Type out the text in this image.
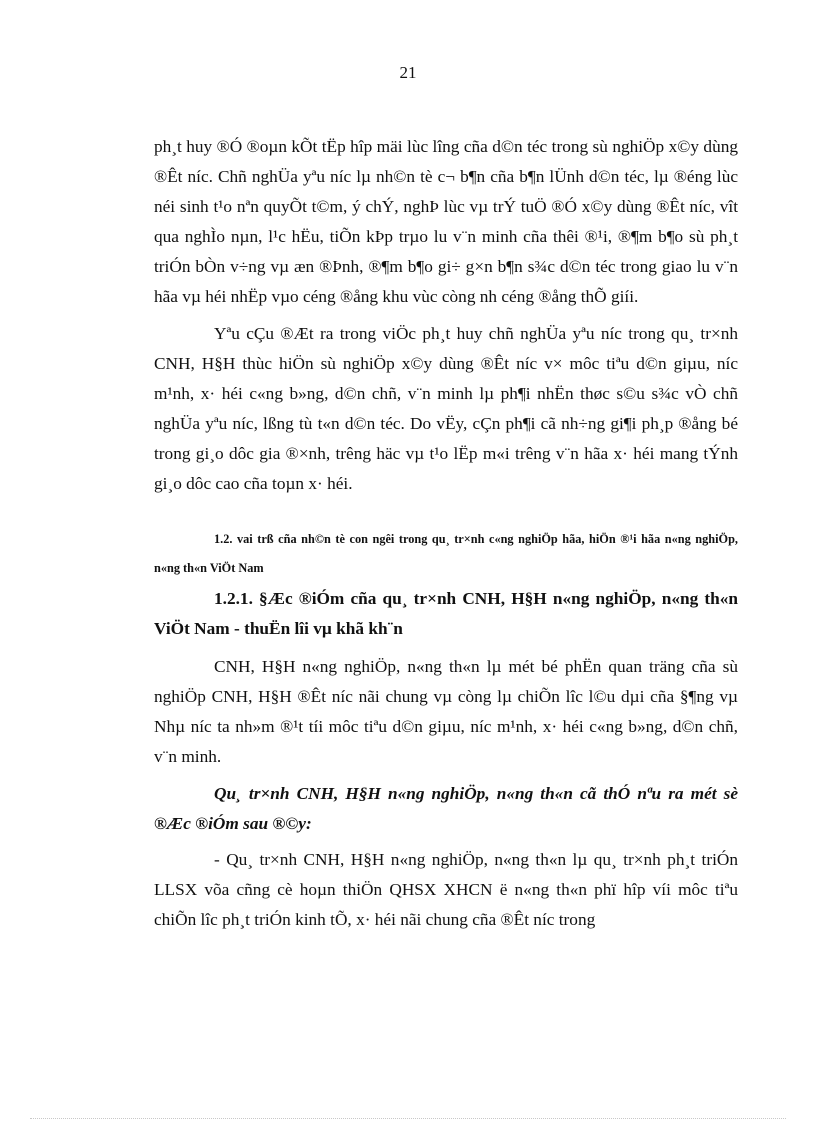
21

ph¸t huy ®Ó ®oµn kÕt tËp hîp mäi lùc lîng cña d©n téc trong sù nghiÖp x©y dùng ®Êt níc. Chñ nghÜa yªu níc lµ nh©n tè c¬ b¶n cña b¶n lÜnh d©n téc, lµ ®éng lùc néi sinh t¹o nªn quyÕt t©m, ý chÝ, nghÞ lùc vµ trÝ tuÖ ®Ó x©y dùng ®Êt níc, vît qua nghÌo nµn, l¹c hËu, tiÕn kÞp trµo lu v¨n minh cña thêi ®¹i, ®¶m b¶o sù ph¸t triÓn bÒn v÷ng vµ æn ®Þnh, ®¶m b¶o gi÷ g×n b¶n s¾c d©n téc trong giao lu v¨n hãa vµ héi nhËp vµo céng ®ång khu vùc còng nh céng ®ång thÕ giíi.

Yªu cÇu ®Æt ra trong viÖc ph¸t huy chñ nghÜa yªu níc trong qu¸ tr×nh CNH, H§H thùc hiÖn sù nghiÖp x©y dùng ®Êt níc v× môc tiªu d©n giµu, níc m¹nh, x· héi c«ng b»ng, d©n chñ, v¨n minh lµ ph¶i nhËn thøc s©u s¾c vÒ chñ nghÜa yªu níc, lßng tù t«n d©n téc. Do vËy, cÇn ph¶i cã nh÷ng gi¶i ph¸p ®ång bé trong gi¸o dôc gia ®×nh, trêng häc vµ t¹o lËp m«i trêng v¨n hãa x· héi mang tÝnh gi¸o dôc cao cña toµn x· héi.

1.2. vai trß cña nh©n tè con ngêi trong qu¸ tr×nh c«ng nghiÖp hãa, hiÖn ®¹i hãa n«ng nghiÖp, n«ng th«n ViÖt Nam

1.2.1. §Æc ®iÓm cña qu¸ tr×nh CNH, H§H n«ng nghiÖp, n«ng th«n ViÖt Nam - thuËn lîi vµ khã kh¨n

CNH, H§H n«ng nghiÖp, n«ng th«n lµ mét bé phËn quan träng cña sù nghiÖp CNH, H§H ®Êt níc nãi chung vµ còng lµ chiÕn lîc l©u dµi cña §¶ng vµ Nhµ níc ta nh»m ®¹t tíi môc tiªu d©n giµu, níc m¹nh, x· héi c«ng b»ng, d©n chñ, v¨n minh.

Qu¸ tr×nh CNH, H§H n«ng nghiÖp, n«ng th«n cã thÓ nªu ra mét sè ®Æc ®iÓm sau ®©y:

- Qu¸ tr×nh CNH, H§H n«ng nghiÖp, n«ng th«n lµ qu¸ tr×nh ph¸t triÓn LLSX võa cñng cè hoµn thiÖn QHSX XHCN ë n«ng th«n phï hîp víi môc tiªu chiÕn lîc ph¸t triÓn kinh tÕ, x· héi nãi chung cña ®Êt níc trong
